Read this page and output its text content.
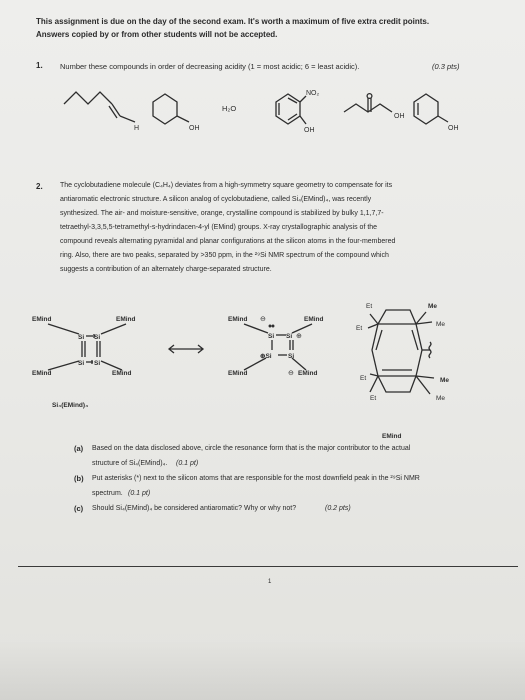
This assignment is due on the day of the second exam. It's worth a maximum of five extra credit points.
Answers copied by or from other students will not be accepted.
1. Number these compounds in order of decreasing acidity (1 = most acidic; 6 = least acidic).	(0.3 pts)
H	OH
H₂O
NO₂
OH
OH
OH
2. The cyclobutadiene molecule (C₄H₄) deviates from a high-symmetry square geometry to compensate for its
antiaromatic electronic structure. A silicon analog of cyclobutadiene, called Si₄(EMind)₄, was recently
synthesized. The air- and moisture-sensitive, orange, crystalline compound is stabilized by bulky 1,1,7,7-
tetraethyl-3,3,5,5-tetramethyl-s-hydrindacen-4-yl (EMind) groups. X-ray crystallographic analysis of the
compound reveals alternating pyramidal and planar configurations at the silicon atoms in the four-membered
ring. Also, there are two peaks, separated by >350 ppm, in the ²⁹Si NMR spectrum of the compound which
suggests a contribution of an alternately charge-separated structure.
EMind	EMind
EMind	EMind
Si Si
Si Si
Si₄(EMind)₄
EMind ⊖	EMind
EMind	EMind
⊖
Si Si ⊕
⊕Si	Si
Et
Et
Me
Me
Me
Me
Et
Et
EMind
(a) Based on the data disclosed above, circle the resonance form that is the major contributor to the actual
structure of Si₄(EMind)₄. (0.1 pt)
(b) Put asterisks (*) next to the silicon atoms that are responsible for the most downfield peak in the ²⁹Si NMR
spectrum. (0.1 pt)
(c) Should Si₄(EMind)₄ be considered antiaromatic? Why or why not?	(0.2 pts)
1
